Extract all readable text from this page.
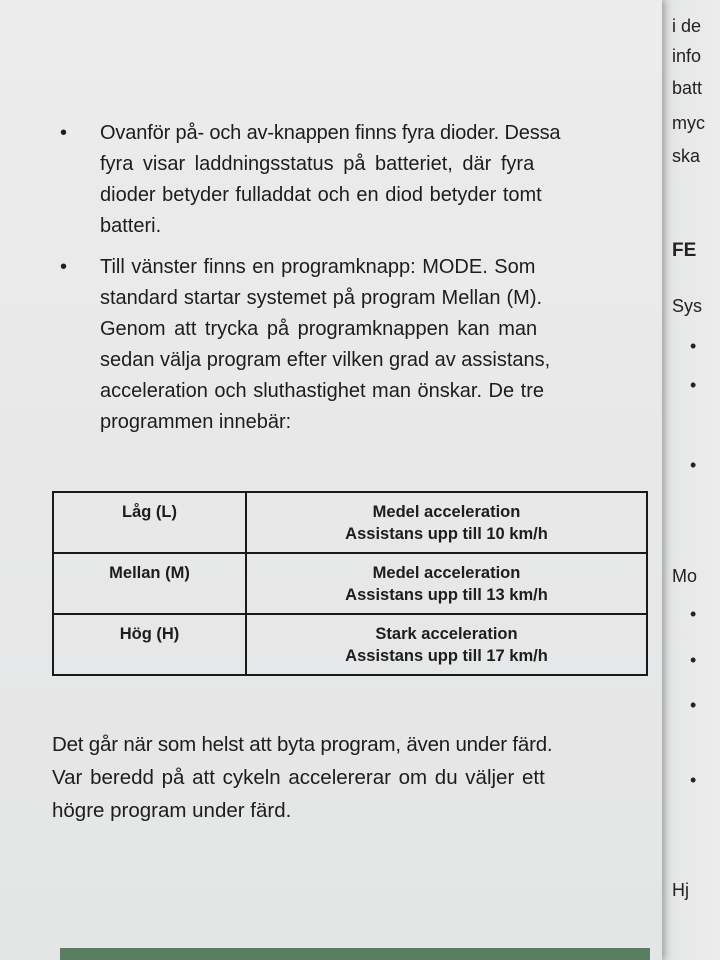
i de
info
batt
myc
ska
FE
Sys
•
•
•
Mo
•
•
•
•
Hj
• Ovanför på- och av-knappen finns fyra dioder. Dessa
fyra visar laddningsstatus på batteriet, där fyra
dioder betyder fulladdat och en diod betyder tomt
batteri.
• Till vänster finns en programknapp: MODE. Som
standard startar systemet på program Mellan (M).
Genom att trycka på programknappen kan man
sedan välja program efter vilken grad av assistans,
acceleration och sluthastighet man önskar. De tre
programmen innebär:
Låg (L)	Medel acceleration
Assistans upp till 10 km/h

Mellan (M)	Medel acceleration
Assistans upp till 13 km/h

Hög (H)	Stark acceleration
Assistans upp till 17 km/h
Det går när som helst att byta program, även under färd.
Var beredd på att cykeln accelererar om du väljer ett
högre program under färd.
